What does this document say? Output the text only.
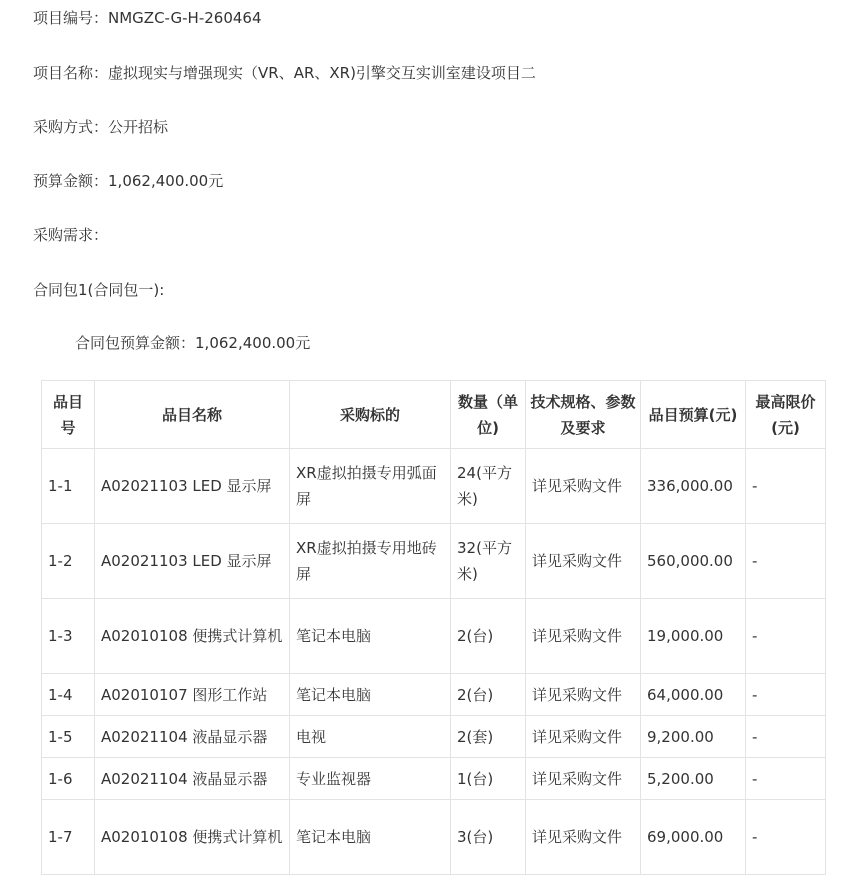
项目编号：NMGZC-G-H-260464
项目名称：虚拟现实与增强现实（VR、AR、XR)引擎交互实训室建设项目二
采购方式：公开招标
预算金额：1,062,400.00元
采购需求：
合同包1(合同包一):
合同包预算金额：1,062,400.00元
品目号	品目名称	采购标的	数量（单位)	技术规格、参数及要求	品目预算(元)	最高限价(元)
1-1	A02021103 LED 显示屏	XR虚拟拍摄专用弧面屏	24(平方米)	详见采购文件	336,000.00	-
1-2	A02021103 LED 显示屏	XR虚拟拍摄专用地砖屏	32(平方米)	详见采购文件	560,000.00	-
1-3	A02010108 便携式计算机	笔记本电脑	2(台)	详见采购文件	19,000.00	-
1-4	A02010107 图形工作站	笔记本电脑	2(台)	详见采购文件	64,000.00	-
1-5	A02021104 液晶显示器	电视	2(套)	详见采购文件	9,200.00	-
1-6	A02021104 液晶显示器	专业监视器	1(台)	详见采购文件	5,200.00	-
1-7	A02010108 便携式计算机	笔记本电脑	3(台)	详见采购文件	69,000.00	-
